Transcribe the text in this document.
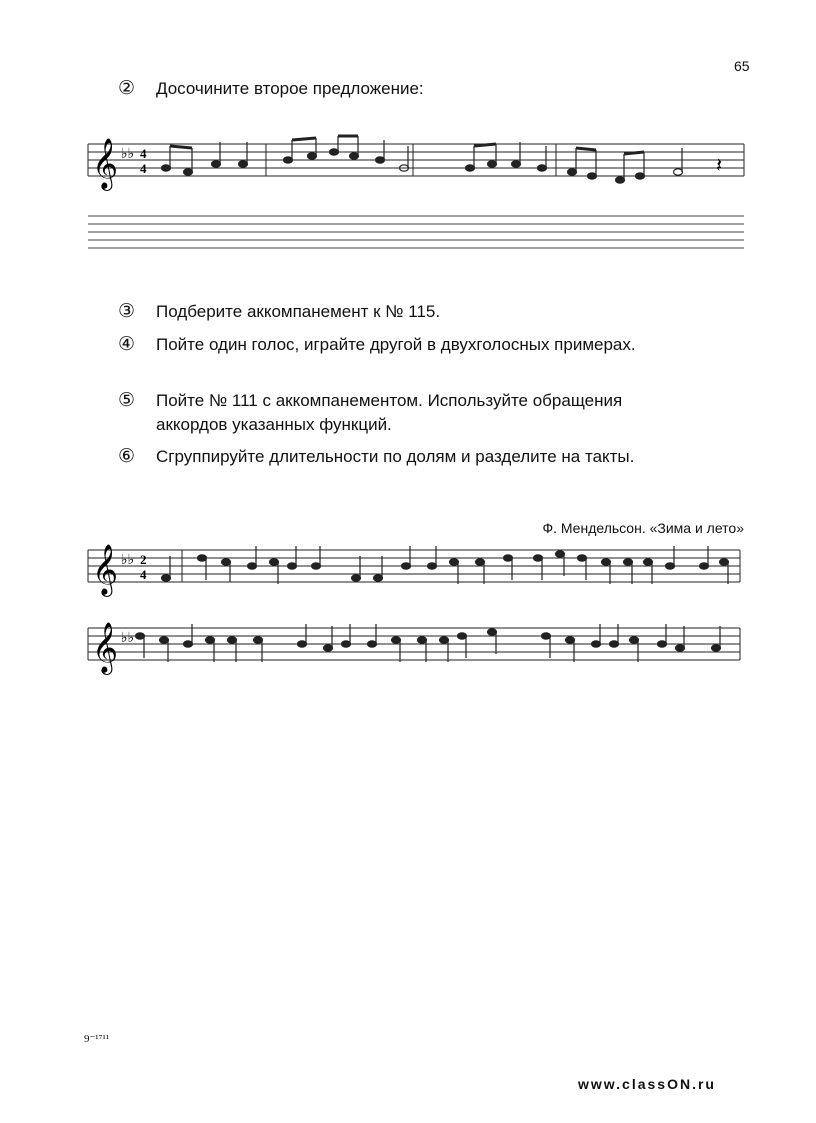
65
②	Досочините второе предложение:
𝄞 ♭♭ 4
4	𝄽
③	Подберите аккомпанемент к № 115.
④	Пойте один голос, играйте другой в двухголосных примерах.
⑤	Пойте № 111 с аккомпанементом. Используйте обращения аккордов указанных функций.
⑥	Сгруппируйте длительности по долям и разделите на такты.
Ф. Мендельсон. «Зима и лето»
𝄞 ♭♭ 2
4
𝄞 ♭♭
9⁻¹⁷¹¹
www.classON.ru
